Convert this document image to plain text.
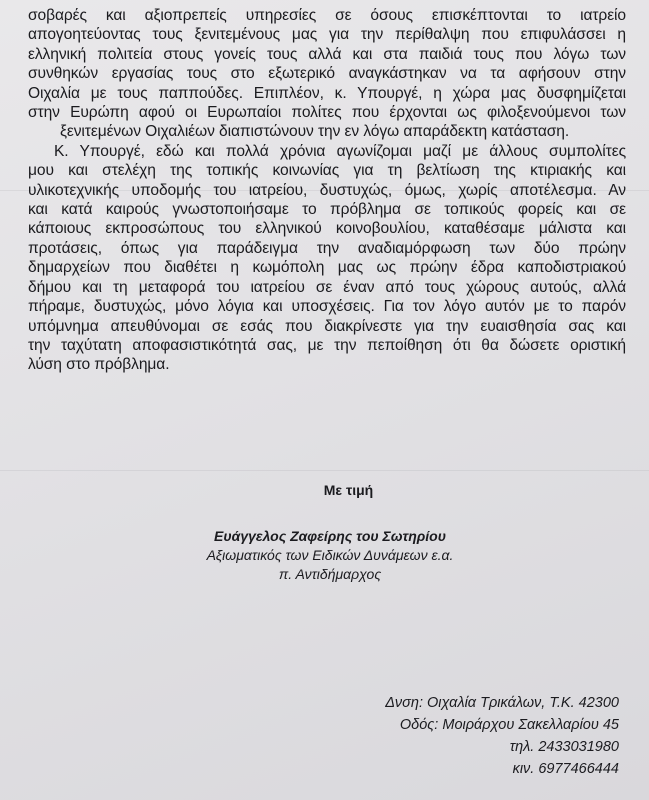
σοβαρές και αξιοπρεπείς υπηρεσίες σε όσους επισκέπτονται το ιατρείο
απογοητεύοντας τους ξενιτεμένους μας για την περίθαλψη που επιφυλάσσει η
ελληνική πολιτεία στους γονείς τους αλλά και στα παιδιά τους που λόγω των
συνθηκών εργασίας τους στο εξωτερικό αναγκάστηκαν να τα αφήσουν στην
Οιχαλία με τους παππούδες. Επιπλέον, κ. Υπουργέ, η χώρα μας δυσφημίζεται
στην Ευρώπη αφού οι Ευρωπαίοι πολίτες που έρχονται ως φιλοξενούμενοι των
ξενιτεμένων Οιχαλιέων διαπιστώνουν την εν λόγω απαράδεκτη κατάσταση.

Κ. Υπουργέ, εδώ και πολλά χρόνια αγωνίζομαι μαζί με άλλους συμπολίτες

μου και στελέχη της τοπικής κοινωνίας για τη βελτίωση της κτιριακής και
υλικοτεχνικής υποδομής του ιατρείου, δυστυχώς, όμως, χωρίς αποτέλεσμα. Αν
και κατά καιρούς γνωστοποιήσαμε το πρόβλημα σε τοπικούς φορείς και σε
κάποιους εκπροσώπους του ελληνικού κοινοβουλίου, καταθέσαμε μάλιστα και
προτάσεις, όπως για παράδειγμα την αναδιαμόρφωση των δύο πρώην
δημαρχείων που διαθέτει η κωμόπολη μας ως πρώην έδρα καποδιστριακού
δήμου και τη μεταφορά του ιατρείου σε έναν από τους χώρους αυτούς, αλλά
πήραμε, δυστυχώς, μόνο λόγια και υποσχέσεις. Για τον λόγο αυτόν με το παρόν
υπόμνημα απευθύνομαι σε εσάς που διακρίνεστε για την ευαισθησία σας και
την ταχύτατη αποφασιστικότητά σας, με την πεποίθηση ότι θα δώσετε οριστική
λύση στο πρόβλημα.

Με τιμή
Ευάγγελος Ζαφείρης του Σωτηρίου
Αξιωματικός των Ειδικών Δυνάμεων ε.α.
π. Αντιδήμαρχος
Δνση: Οιχαλία Τρικάλων, Τ.Κ. 42300
Οδός: Μοιράρχου Σακελλαρίου 45
τηλ. 2433031980
κιν. 6977466444
